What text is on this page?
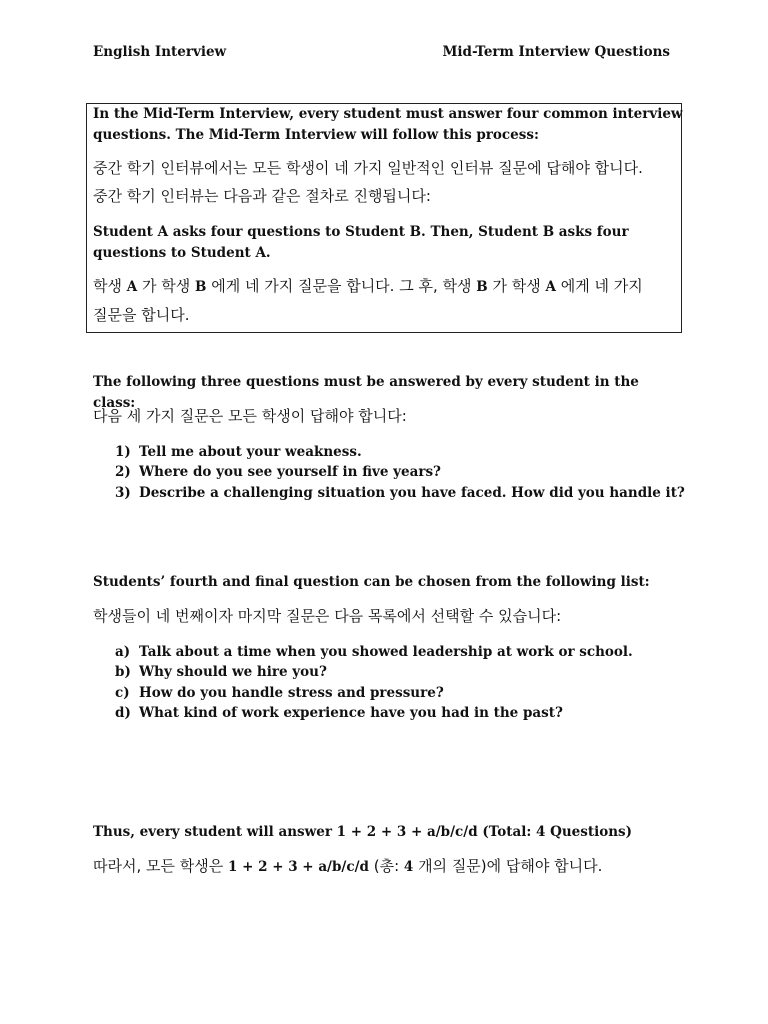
English Interview	Mid-Term Interview Questions

In the Mid-Term Interview, every student must answer four common interview questions. The Mid-Term Interview will follow this process:

중간 학기 인터뷰에서는 모든 학생이 네 가지 일반적인 인터뷰 질문에 답해야 합니다.

중간 학기 인터뷰는 다음과 같은 절차로 진행됩니다:

Student A asks four questions to Student B. Then, Student B asks four questions to Student A.

학생 A 가 학생 B 에게 네 가지 질문을 합니다. 그 후, 학생 B 가 학생 A 에게 네 가지

질문을 합니다.

The following three questions must be answered by every student in the class:

다음 세 가지 질문은 모든 학생이 답해야 합니다:

1) Tell me about your weakness.
2) Where do you see yourself in five years?
3) Describe a challenging situation you have faced. How did you handle it?

Students’ fourth and final question can be chosen from the following list:

학생들이 네 번째이자 마지막 질문은 다음 목록에서 선택할 수 있습니다:

a) Talk about a time when you showed leadership at work or school.
b) Why should we hire you?
c) How do you handle stress and pressure?
d) What kind of work experience have you had in the past?

Thus, every student will answer 1 + 2 + 3 + a/b/c/d (Total: 4 Questions)

따라서, 모든 학생은 1 + 2 + 3 + a/b/c/d (총: 4 개의 질문)에 답해야 합니다.
